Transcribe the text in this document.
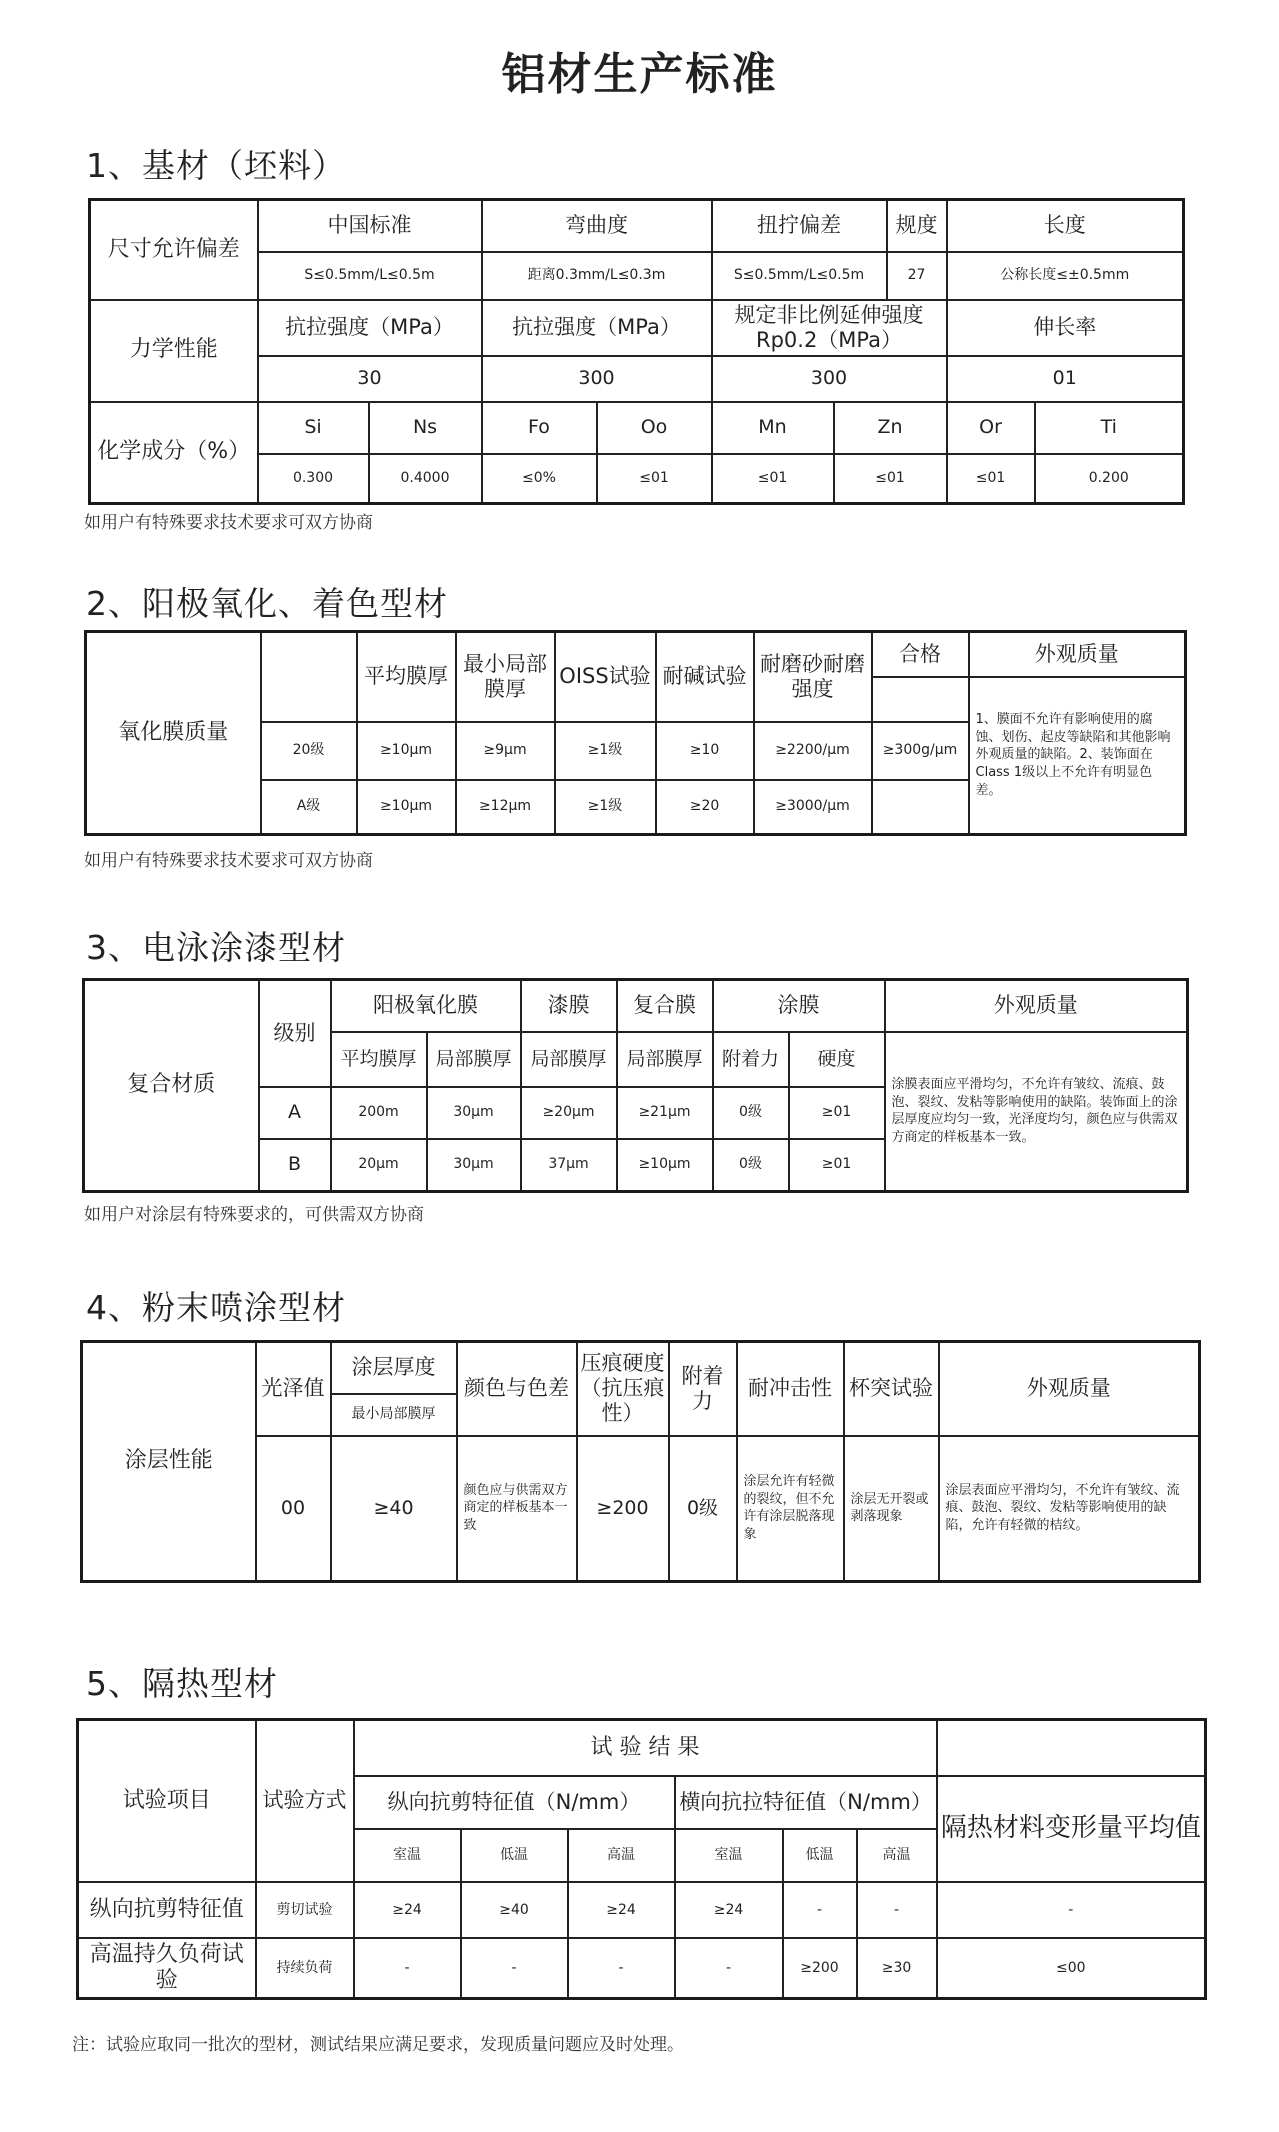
铝材生产标准
1、基材（坯料）
尺寸允许偏差	中国标准		弯曲度		扭拧偏差		规度	长度	
	S≤0.5mm/L≤0.5m		距离0.3mm/L≤0.3m		S≤0.5mm/L≤0.5m		27	公称长度≤±0.5mm	
力学性能	抗拉强度（MPa）		抗拉强度（MPa）		规定非比例延伸强度Rp0.2（MPa）			伸长率	
	30		300		300			01	
化学成分（%）	Si	Ns	Fo	Oo	Mn	Zn		Or	Ti
	0.300	0.4000	≤0%	≤01	≤01	≤01		≤01	0.200
如用户有特殊要求技术要求可双方协商
2、阳极氧化、着色型材
氧化膜质量		平均膜厚	最小局部膜厚	OISS试验	耐碱试验	耐磨砂耐磨强度	合格	外观质量
								1、膜面不允许有影响使用的腐蚀、划伤、起皮等缺陷和其他影响外观质量的缺陷。2、装饰面在Class 1级以上不允许有明显色差。
	20级	≥10μm	≥9μm	≥1级	≥10	≥2200/μm	≥300g/μm	
	A级	≥10μm	≥12μm	≥1级	≥20	≥3000/μm		
如用户有特殊要求技术要求可双方协商
3、电泳涂漆型材
复合材质	级别	阳极氧化膜		漆膜	复合膜	涂膜		外观质量
		平均膜厚	局部膜厚	局部膜厚	局部膜厚	附着力	硬度	涂膜表面应平滑均匀，不允许有皱纹、流痕、鼓泡、裂纹、发粘等影响使用的缺陷。装饰面上的涂层厚度应均匀一致，光泽度均匀，颜色应与供需双方商定的样板基本一致。
	A	200m	30μm	≥20μm	≥21μm	0级	≥01	
	B	20μm	30μm	37μm	≥10μm	0级	≥01	
如用户对涂层有特殊要求的，可供需双方协商
4、粉末喷涂型材
涂层性能	光泽值	涂层厚度	颜色与色差	压痕硬度（抗压痕性）	附着力	耐冲击性	杯突试验	外观质量
		最小局部膜厚						
	00	≥40	颜色应与供需双方商定的样板基本一致	≥200	0级	涂层允许有轻微的裂纹，但不允许有涂层脱落现象	涂层无开裂或剥落现象	涂层表面应平滑均匀，不允许有皱纹、流痕、鼓泡、裂纹、发粘等影响使用的缺陷，允许有轻微的桔纹。
5、隔热型材
试验项目	试验方式	试 验 结 果						
		纵向抗剪特征值（N/mm）			横向抗拉特征值（N/mm）			隔热材料变形量平均值
		室温	低温	高温	室温	低温	高温	
纵向抗剪特征值	剪切试验	≥24	≥40	≥24	≥24	-	-	-
高温持久负荷试验	持续负荷	-	-	-	-	≥200	≥30	≤00
注：试验应取同一批次的型材，测试结果应满足要求，发现质量问题应及时处理。
